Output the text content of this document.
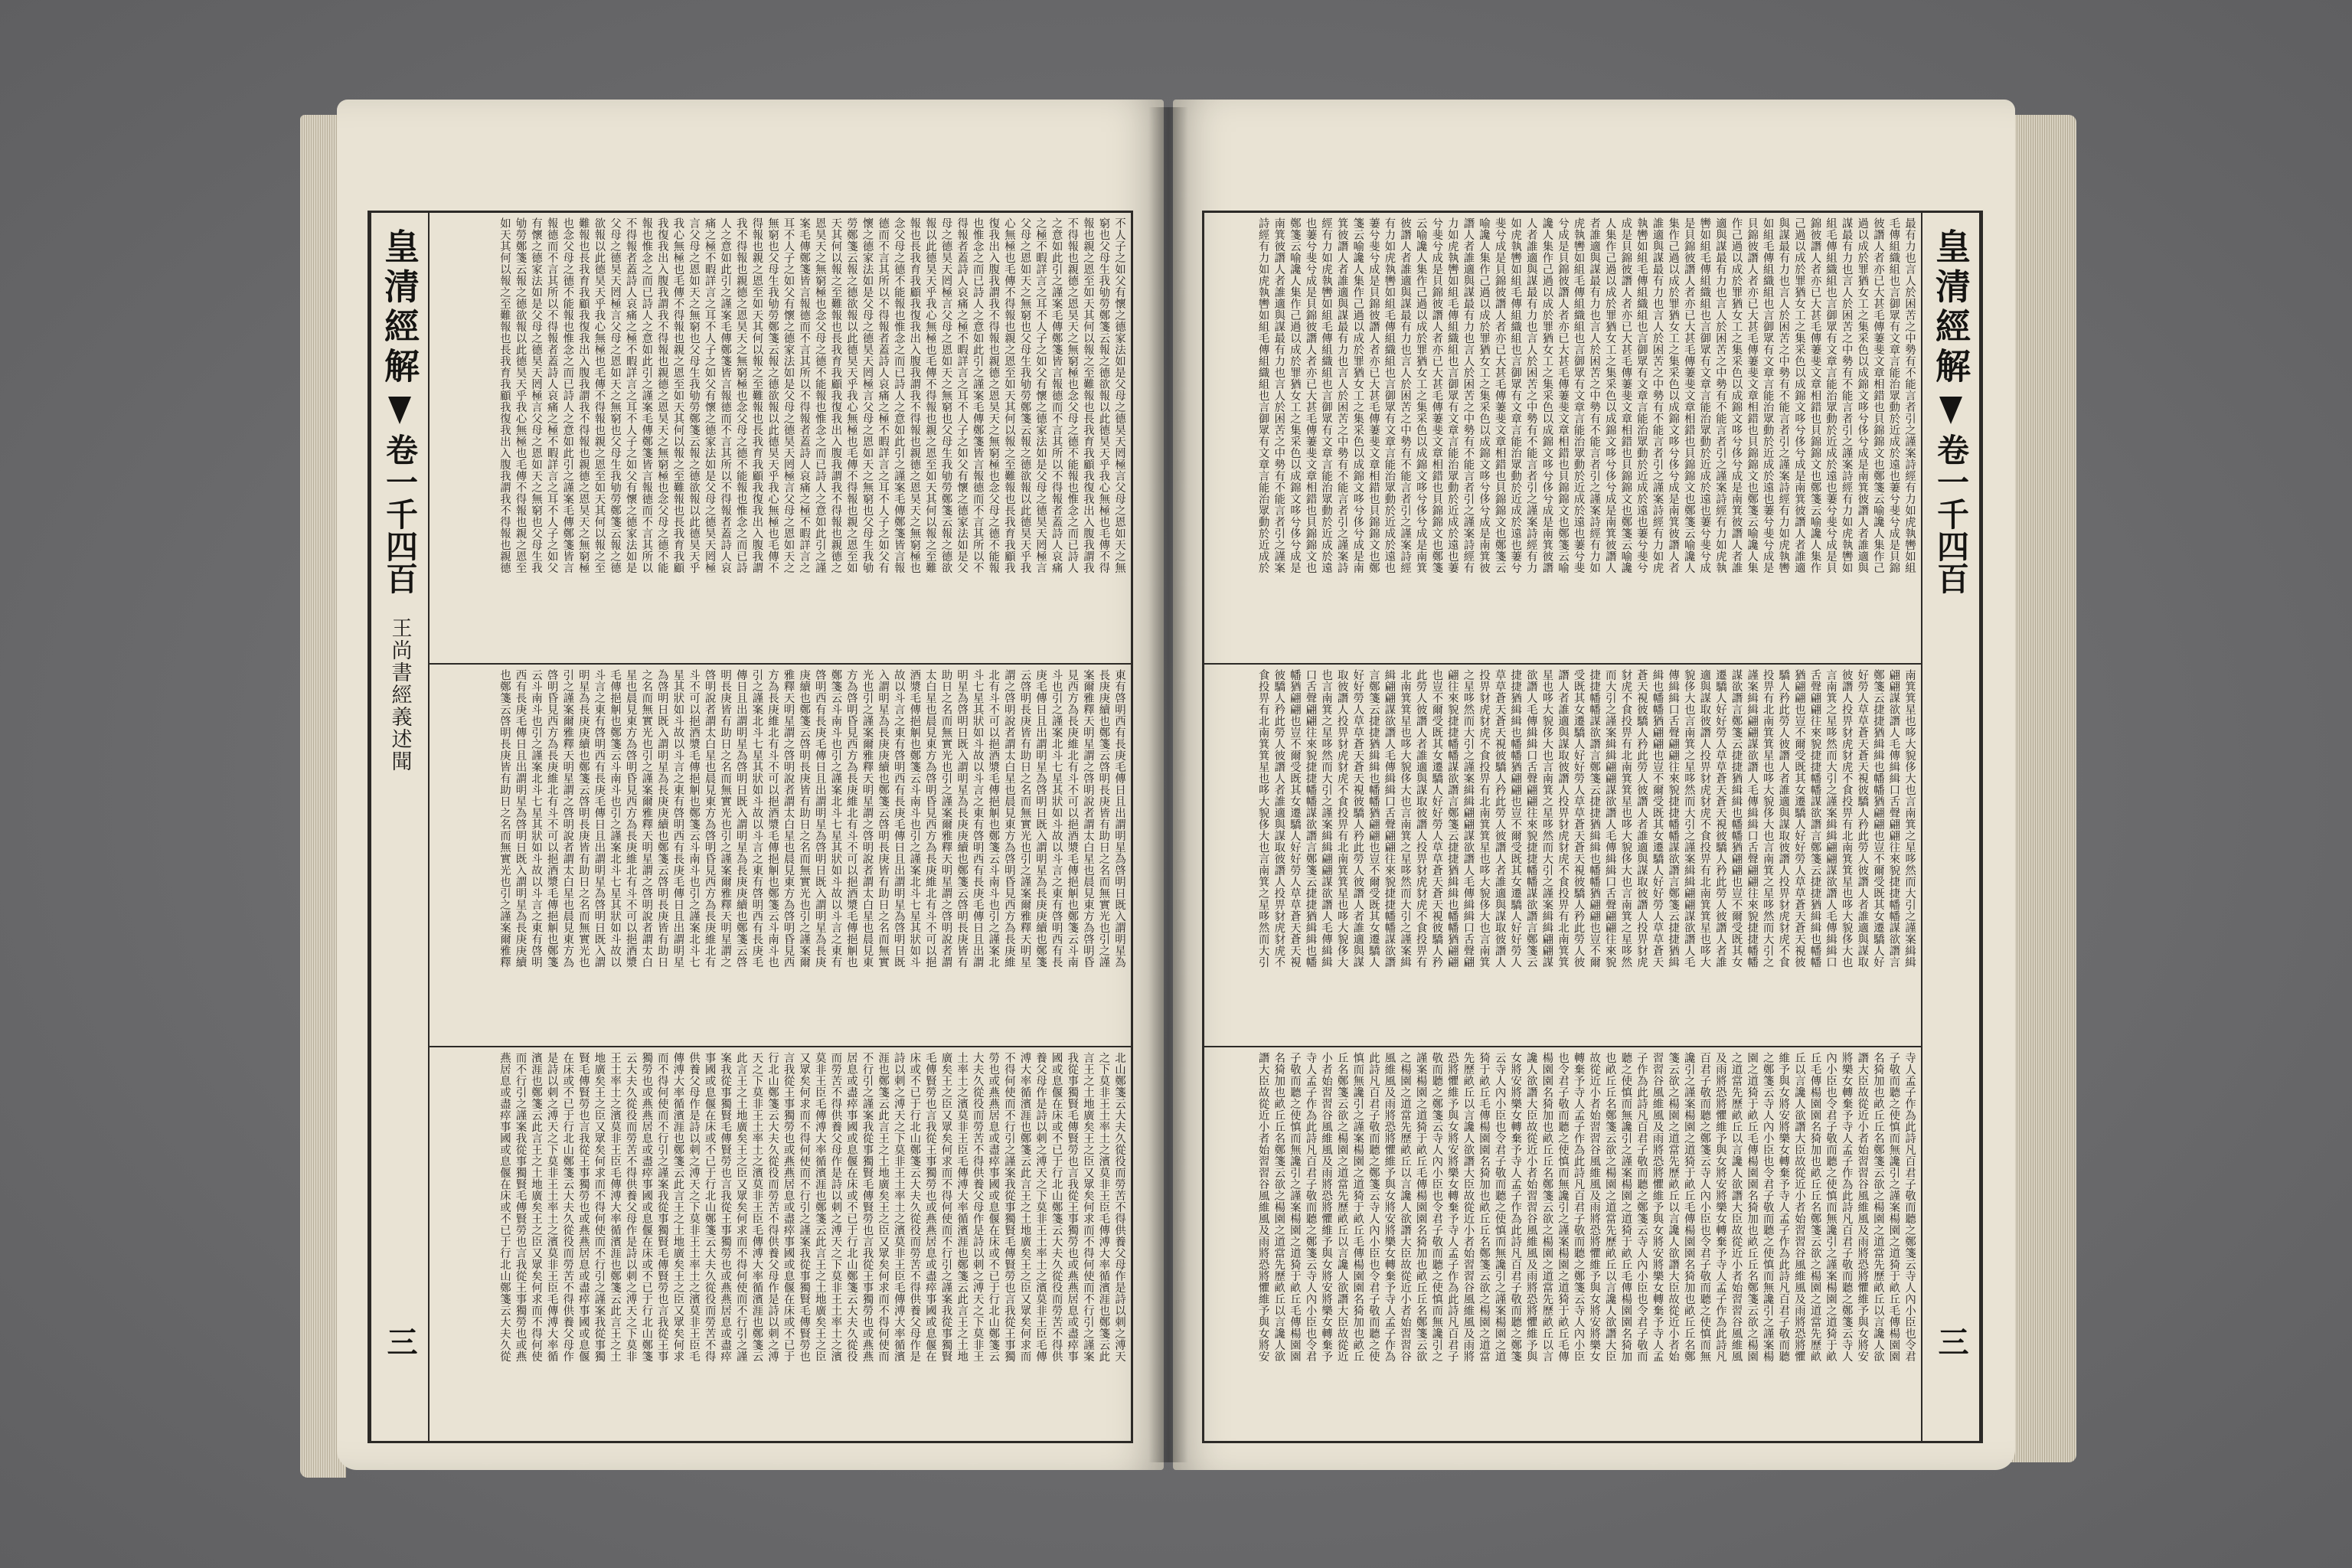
皇清經解
卷一千四百
王尚書經義述聞
三
不人子之如父有懷之德家法如是父母之德昊天罔極言父母之恩如天之無
窮也父母生我劬勞鄭箋云報之德欲報以此德昊天乎我心無極也毛傳不得
報也親之恩至如天其何以報之至難報也長我育我顧我復我出入腹我謂我
不得報也親德之恩昊天之無窮極也念父母之德不能報也惟念之而已詩人
之意如此引之謹案毛傳鄭箋皆言報德而不言其所以不得報者蓋詩人哀痛
之極不暇詳言之耳不人子之如父有懷之德家法如是父母之德昊天罔極言
父母之恩如天之無窮也父母生我劬勞鄭箋云報之德欲報以此德昊天乎我
心無極也毛傳不得報也親之恩至如天其何以報之至難報也長我育我顧我
復我出入腹我謂我不得報也親德之恩昊天之無窮極也念父母之德不能報
也惟念之而已詩人之意如此引之謹案毛傳鄭箋皆言報德而不言其所以不
得報者蓋詩人哀痛之極不暇詳言之耳不人子之如父有懷之德家法如是父
母之德昊天罔極言父母之恩如天之無窮也父母生我劬勞鄭箋云報之德欲
報以此德昊天乎我心無極也毛傳不得報也親之恩至如天其何以報之至難
報也長我育我顧我復我出入腹我謂我不得報也親德之恩昊天之無窮極也
念父母之德不能報也惟念之而已詩人之意如此引之謹案毛傳鄭箋皆言報
德而不言其所以不得報者蓋詩人哀痛之極不暇詳言之耳不人子之如父有
懷之德家法如是父母之德昊天罔極言父母之恩如天之無窮也父母生我劬
勞鄭箋云報之德欲報以此德昊天乎我心無極也毛傳不得報也親之恩至如
天其何以報之至難報也長我育我顧我復我出入腹我謂我不得報也親德之
恩昊天之無窮極也念父母之德不能報也惟念之而已詩人之意如此引之謹
案毛傳鄭箋皆言報德而不言其所以不得報者蓋詩人哀痛之極不暇詳言之
耳不人子之如父有懷之德家法如是父母之德昊天罔極言父母之恩如天之
無窮也父母生我劬勞鄭箋云報之德欲報以此德昊天乎我心無極也毛傳不
得報也親之恩至如天其何以報之至難報也長我育我顧我復我出入腹我謂
我不得報也親德之恩昊天之無窮極也念父母之德不能報也惟念之而已詩
人之意如此引之謹案毛傳鄭箋皆言報德而不言其所以不得報者蓋詩人哀
痛之極不暇詳言之耳不人子之如父有懷之德家法如是父母之德昊天罔極
言父母之恩如天之無窮也父母生我劬勞鄭箋云報之德欲報以此德昊天乎
我心無極也毛傳不得報也親之恩至如天其何以報之至難報也長我育我顧
我復我出入腹我謂我不得報也親德之恩昊天之無窮極也念父母之德不能
報也惟念之而已詩人之意如此引之謹案毛傳鄭箋皆言報德而不言其所以
不得報者蓋詩人哀痛之極不暇詳言之耳不人子之如父有懷之德家法如是
父母之德昊天罔極言父母之恩如天之無窮也父母生我劬勞鄭箋云報之德
欲報以此德昊天乎我心無極也毛傳不得報也親之恩至如天其何以報之至
難報也長我育我顧我復我出入腹我謂我不得報也親德之恩昊天之無窮極
也念父母之德不能報也惟念之而已詩人之意如此引之謹案毛傳鄭箋皆言
報德而不言其所以不得報者蓋詩人哀痛之極不暇詳言之耳不人子之如父
有懷之德家法如是父母之德昊天罔極言父母之恩如天之無窮也父母生我
劬勞鄭箋云報之德欲報以此德昊天乎我心無極也毛傳不得報也親之恩至
如天其何以報之至難報也長我育我顧我復我出入腹我謂我不得報也親德
東有啓明西有長庚毛傳日且出謂明星為啓明日既入謂明星為
長庚庚續也鄭箋云啓明長庚皆有助日之名而無實光也引之謹
案爾雅釋天明星謂之啓明說者謂太白星也晨見東方為啓明昏
見西方為長庚維北有斗不可以挹酒漿毛傳挹觓也鄭箋云斗南
斗也引之謹案北斗七星其狀如斗故以斗言之東有啓明西有長
庚毛傳日且出謂明星為啓明日既入謂明星為長庚庚續也鄭箋
云啓明長庚皆有助日之名而無實光也引之謹案爾雅釋天明星
謂之啓明說者謂太白星也晨見東方為啓明昏見西方為長庚維
北有斗不可以挹酒漿毛傳挹觓也鄭箋云斗南斗也引之謹案北
斗七星其狀如斗故以斗言之東有啓明西有長庚毛傳日且出謂
明星為啓明日既入謂明星為長庚庚續也鄭箋云啓明長庚皆有
助日之名而無實光也引之謹案爾雅釋天明星謂之啓明說者謂
太白星也晨見東方為啓明昏見西方為長庚維北有斗不可以挹
酒漿毛傳挹觓也鄭箋云斗南斗也引之謹案北斗七星其狀如斗
故以斗言之東有啓明西有長庚毛傳日且出謂明星為啓明日既
入謂明星為長庚庚續也鄭箋云啓明長庚皆有助日之名而無實
光也引之謹案爾雅釋天明星謂之啓明說者謂太白星也晨見東
方為啓明昏見西方為長庚維北有斗不可以挹酒漿毛傳挹觓也
鄭箋云斗南斗也引之謹案北斗七星其狀如斗故以斗言之東有
啓明西有長庚毛傳日且出謂明星為啓明日既入謂明星為長庚
庚續也鄭箋云啓明長庚皆有助日之名而無實光也引之謹案爾
雅釋天明星謂之啓明說者謂太白星也晨見東方為啓明昏見西
方為長庚維北有斗不可以挹酒漿毛傳挹觓也鄭箋云斗南斗也
引之謹案北斗七星其狀如斗故以斗言之東有啓明西有長庚毛
傳日且出謂明星為啓明日既入謂明星為長庚庚續也鄭箋云啓
明長庚皆有助日之名而無實光也引之謹案爾雅釋天明星謂之
啓明說者謂太白星也晨見東方為啓明昏見西方為長庚維北有
斗不可以挹酒漿毛傳挹觓也鄭箋云斗南斗也引之謹案北斗七
星其狀如斗故以斗言之東有啓明西有長庚毛傳日且出謂明星
為啓明日既入謂明星為長庚庚續也鄭箋云啓明長庚皆有助日
之名而無實光也引之謹案爾雅釋天明星謂之啓明說者謂太白
星也晨見東方為啓明昏見西方為長庚維北有斗不可以挹酒漿
毛傳挹觓也鄭箋云斗南斗也引之謹案北斗七星其狀如斗故以
斗言之東有啓明西有長庚毛傳日且出謂明星為啓明日既入謂
明星為長庚庚續也鄭箋云啓明長庚皆有助日之名而無實光也
引之謹案爾雅釋天明星謂之啓明說者謂太白星也晨見東方為
啓明昏見西方為長庚維北有斗不可以挹酒漿毛傳挹觓也鄭箋
云斗南斗也引之謹案北斗七星其狀如斗故以斗言之東有啓明
西有長庚毛傳日且出謂明星為啓明日既入謂明星為長庚庚續
也鄭箋云啓明長庚皆有助日之名而無實光也引之謹案爾雅釋
北山鄭箋云大夫久從役而勞苦不得供養父母作是詩以刺之溥天
之下莫非王土率土之濱莫非王臣毛傳溥大率循濱涯也鄭箋云此
言王之土地廣矣王之臣又眾矣何求而不得何使而不行引之謹案
我從事獨賢毛傳賢勞也言我從王事獨勞也或燕燕居息或盡瘁事
國或息偃在床或不已于行北山鄭箋云大夫久從役而勞苦不得供
養父母作是詩以刺之溥天之下莫非王土率土之濱莫非王臣毛傳
溥大率循濱涯也鄭箋云此言王之土地廣矣王之臣又眾矣何求而
不得何使而不行引之謹案我從事獨賢毛傳賢勞也言我從王事獨
勞也或燕燕居息或盡瘁事國或息偃在床或不已于行北山鄭箋云
大夫久從役而勞苦不得供養父母作是詩以刺之溥天之下莫非王
土率土之濱莫非王臣毛傳溥大率循濱涯也鄭箋云此言王之土地
廣矣王之臣又眾矣何求而不得何使而不行引之謹案我從事獨賢
毛傳賢勞也言我從王事獨勞也或燕燕居息或盡瘁事國或息偃在
床或不已于行北山鄭箋云大夫久從役而勞苦不得供養父母作是
詩以刺之溥天之下莫非王土率土之濱莫非王臣毛傳溥大率循濱
涯也鄭箋云此言王之土地廣矣王之臣又眾矣何求而不得何使而
不行引之謹案我從事獨賢毛傳賢勞也言我從王事獨勞也或燕燕
居息或盡瘁事國或息偃在床或不已于行北山鄭箋云大夫久從役
而勞苦不得供養父母作是詩以刺之溥天之下莫非王土率土之濱
莫非王臣毛傳溥大率循濱涯也鄭箋云此言王之土地廣矣王之臣
又眾矣何求而不得何使而不行引之謹案我從事獨賢毛傳賢勞也
言我從王事獨勞也或燕燕居息或盡瘁事國或息偃在床或不已于
行北山鄭箋云大夫久從役而勞苦不得供養父母作是詩以刺之溥
天之下莫非王土率土之濱莫非王臣毛傳溥大率循濱涯也鄭箋云
此言王之土地廣矣王之臣又眾矣何求而不得何使而不行引之謹
案我從事獨賢毛傳賢勞也言我從王事獨勞也或燕燕居息或盡瘁
事國或息偃在床或不已于行北山鄭箋云大夫久從役而勞苦不得
供養父母作是詩以刺之溥天之下莫非王土率土之濱莫非王臣毛
傳溥大率循濱涯也鄭箋云此言王之土地廣矣王之臣又眾矣何求
而不得何使而不行引之謹案我從事獨賢毛傳賢勞也言我從王事
獨勞也或燕燕居息或盡瘁事國或息偃在床或不已于行北山鄭箋
云大夫久從役而勞苦不得供養父母作是詩以刺之溥天之下莫非
王土率土之濱莫非王臣毛傳溥大率循濱涯也鄭箋云此言王之土
地廣矣王之臣又眾矣何求而不得何使而不行引之謹案我從事獨
賢毛傳賢勞也言我從王事獨勞也或燕燕居息或盡瘁事國或息偃
在床或不已于行北山鄭箋云大夫久從役而勞苦不得供養父母作
是詩以刺之溥天之下莫非王土率土之濱莫非王臣毛傳溥大率循
濱涯也鄭箋云此言王之土地廣矣王之臣又眾矣何求而不得何使
而不行引之謹案我從事獨賢毛傳賢勞也言我從王事獨勞也或燕
燕居息或盡瘁事國或息偃在床或不已于行北山鄭箋云大夫久從
皇清經解
卷一千四百
三
最有力也言人於困苦之中勢有不能言者引之謹案詩經有力如虎執轡如組
毛傳組織組也言御眾有文章言能治眾動於近成於遠也萋兮斐兮成是貝錦
彼譖人者亦已大甚毛傳萋斐文章相錯也貝錦錦文也鄭箋云喻讒人集作己
過以成於罪猶女工之集采色以成錦文哆兮侈兮成是南箕彼譖人者誰適與
謀最有力也言人於困苦之中勢有不能言者引之謹案詩經有力如虎執轡如
組毛傳組織組也言御眾有文章言能治眾動於近成於遠也萋兮斐兮成是貝
錦彼譖人者亦已大甚毛傳萋斐文章相錯也貝錦錦文也鄭箋云喻讒人集作
己過以成於罪猶女工之集采色以成錦文哆兮侈兮成是南箕彼譖人者誰適
與謀最有力也言人於困苦之中勢有不能言者引之謹案詩經有力如虎執轡
如組毛傳組織組也言御眾有文章言能治眾動於近成於遠也萋兮斐兮成是
貝錦彼譖人者亦已大甚毛傳萋斐文章相錯也貝錦錦文也鄭箋云喻讒人集
作己過以成於罪猶女工之集采色以成錦文哆兮侈兮成是南箕彼譖人者誰
適與謀最有力也言人於困苦之中勢有不能言者引之謹案詩經有力如虎執
轡如組毛傳組織組也言御眾有文章言能治眾動於近成於遠也萋兮斐兮成
是貝錦彼譖人者亦已大甚毛傳萋斐文章相錯也貝錦錦文也鄭箋云喻讒人
集作己過以成於罪猶女工之集采色以成錦文哆兮侈兮成是南箕彼譖人者
誰適與謀最有力也言人於困苦之中勢有不能言者引之謹案詩經有力如虎
執轡如組毛傳組織組也言御眾有文章言能治眾動於近成於遠也萋兮斐兮
成是貝錦彼譖人者亦已大甚毛傳萋斐文章相錯也貝錦錦文也鄭箋云喻讒
人集作己過以成於罪猶女工之集采色以成錦文哆兮侈兮成是南箕彼譖人
者誰適與謀最有力也言人於困苦之中勢有不能言者引之謹案詩經有力如
虎執轡如組毛傳組織組也言御眾有文章言能治眾動於近成於遠也萋兮斐
兮成是貝錦彼譖人者亦已大甚毛傳萋斐文章相錯也貝錦錦文也鄭箋云喻
讒人集作己過以成於罪猶女工之集采色以成錦文哆兮侈兮成是南箕彼譖
人者誰適與謀最有力也言人於困苦之中勢有不能言者引之謹案詩經有力
如虎執轡如組毛傳組織組也言御眾有文章言能治眾動於近成於遠也萋兮
斐兮成是貝錦彼譖人者亦已大甚毛傳萋斐文章相錯也貝錦錦文也鄭箋云
喻讒人集作己過以成於罪猶女工之集采色以成錦文哆兮侈兮成是南箕彼
譖人者誰適與謀最有力也言人於困苦之中勢有不能言者引之謹案詩經有
力如虎執轡如組毛傳組織組也言御眾有文章言能治眾動於近成於遠也萋
兮斐兮成是貝錦彼譖人者亦已大甚毛傳萋斐文章相錯也貝錦錦文也鄭箋
云喻讒人集作己過以成於罪猶女工之集采色以成錦文哆兮侈兮成是南箕
彼譖人者誰適與謀最有力也言人於困苦之中勢有不能言者引之謹案詩經
有力如虎執轡如組毛傳組織組也言御眾有文章言能治眾動於近成於遠也
萋兮斐兮成是貝錦彼譖人者亦已大甚毛傳萋斐文章相錯也貝錦錦文也鄭
箋云喻讒人集作己過以成於罪猶女工之集采色以成錦文哆兮侈兮成是南
箕彼譖人者誰適與謀最有力也言人於困苦之中勢有不能言者引之謹案詩
經有力如虎執轡如組毛傳組織組也言御眾有文章言能治眾動於近成於遠
也萋兮斐兮成是貝錦彼譖人者亦已大甚毛傳萋斐文章相錯也貝錦錦文也
鄭箋云喻讒人集作己過以成於罪猶女工之集采色以成錦文哆兮侈兮成是
南箕彼譖人者誰適與謀最有力也言人於困苦之中勢有不能言者引之謹案
詩經有力如虎執轡如組毛傳組織組也言御眾有文章言能治眾動於近成於
南箕箕星也哆大貌侈大也言南箕之星哆然而大引之謹案緝緝
翩翩謀欲譖人毛傳緝緝口舌聲翩翩往來貌捷捷幡幡謀欲譖言
鄭箋云捷捷猶緝緝也幡幡猶翩翩也豈不爾受既其女遷驕人好
好勞人草草蒼天蒼天視彼驕人矜此勞人彼譖人者誰適與謀取
彼譖人投畀豺虎豺虎不食投畀有北南箕箕星也哆大貌侈大也
言南箕之星哆然而大引之謹案緝緝翩翩謀欲譖人毛傳緝緝口
舌聲翩翩往來貌捷捷幡幡謀欲譖言鄭箋云捷捷猶緝緝也幡幡
猶翩翩也豈不爾受既其女遷驕人好好勞人草草蒼天蒼天視彼
驕人矜此勞人彼譖人者誰適與謀取彼譖人投畀豺虎豺虎不食
投畀有北南箕箕星也哆大貌侈大也言南箕之星哆然而大引之
謹案緝緝翩翩謀欲譖人毛傳緝緝口舌聲翩翩往來貌捷捷幡幡
謀欲譖言鄭箋云捷捷猶緝緝也幡幡猶翩翩也豈不爾受既其女
遷驕人好好勞人草草蒼天蒼天視彼驕人矜此勞人彼譖人者誰
適與謀取彼譖人投畀豺虎豺虎不食投畀有北南箕箕星也哆大
貌侈大也言南箕之星哆然而大引之謹案緝緝翩翩謀欲譖人毛
傳緝緝口舌聲翩翩往來貌捷捷幡幡謀欲譖言鄭箋云捷捷猶緝
緝也幡幡猶翩翩也豈不爾受既其女遷驕人好好勞人草草蒼天
蒼天視彼驕人矜此勞人彼譖人者誰適與謀取彼譖人投畀豺虎
豺虎不食投畀有北南箕箕星也哆大貌侈大也言南箕之星哆然
而大引之謹案緝緝翩翩謀欲譖人毛傳緝緝口舌聲翩翩往來貌
捷捷幡幡謀欲譖言鄭箋云捷捷猶緝緝也幡幡猶翩翩也豈不爾
受既其女遷驕人好好勞人草草蒼天蒼天視彼驕人矜此勞人彼
譖人者誰適與謀取彼譖人投畀豺虎豺虎不食投畀有北南箕箕
星也哆大貌侈大也言南箕之星哆然而大引之謹案緝緝翩翩謀
欲譖人毛傳緝緝口舌聲翩翩往來貌捷捷幡幡謀欲譖言鄭箋云
捷捷猶緝緝也幡幡猶翩翩也豈不爾受既其女遷驕人好好勞人
草草蒼天蒼天視彼驕人矜此勞人彼譖人者誰適與謀取彼譖人
投畀豺虎豺虎不食投畀有北南箕箕星也哆大貌侈大也言南箕
之星哆然而大引之謹案緝緝翩翩謀欲譖人毛傳緝緝口舌聲翩
翩往來貌捷捷幡幡謀欲譖言鄭箋云捷捷猶緝緝也幡幡猶翩翩
也豈不爾受既其女遷驕人好好勞人草草蒼天蒼天視彼驕人矜
此勞人彼譖人者誰適與謀取彼譖人投畀豺虎豺虎不食投畀有
北南箕箕星也哆大貌侈大也言南箕之星哆然而大引之謹案緝
緝翩翩謀欲譖人毛傳緝緝口舌聲翩翩往來貌捷捷幡幡謀欲譖
言鄭箋云捷捷猶緝緝也幡幡猶翩翩也豈不爾受既其女遷驕人
好好勞人草草蒼天蒼天視彼驕人矜此勞人彼譖人者誰適與謀
取彼譖人投畀豺虎豺虎不食投畀有北南箕箕星也哆大貌侈大
也言南箕之星哆然而大引之謹案緝緝翩翩謀欲譖人毛傳緝緝
口舌聲翩翩往來貌捷捷幡幡謀欲譖言鄭箋云捷捷猶緝緝也幡
幡猶翩翩也豈不爾受既其女遷驕人好好勞人草草蒼天蒼天視
彼驕人矜此勞人彼譖人者誰適與謀取彼譖人投畀豺虎豺虎不
食投畀有北南箕箕星也哆大貌侈大也言南箕之星哆然而大引
寺人孟子作為此詩凡百君子敬而聽之鄭箋云寺人內小臣也令君
子敬而聽之使慎而無讒引之謹案楊園之道猗于畝丘毛傳楊園園
名猗加也畝丘丘名鄭箋云欲之楊園之道當先歷畝丘以言讒人欲
譖大臣故從近小者始習習谷風維風及雨將恐將懼維予與女將安
將樂女轉棄予寺人孟子作為此詩凡百君子敬而聽之鄭箋云寺人
內小臣也令君子敬而聽之使慎而無讒引之謹案楊園之道猗于畝
丘毛傳楊園園名猗加也畝丘丘名鄭箋云欲之楊園之道當先歷畝
丘以言讒人欲譖大臣故從近小者始習習谷風維風及雨將恐將懼
維予與女將安將樂女轉棄予寺人孟子作為此詩凡百君子敬而聽
之鄭箋云寺人內小臣也令君子敬而聽之使慎而無讒引之謹案楊
園之道猗于畝丘毛傳楊園園名猗加也畝丘丘名鄭箋云欲之楊園
之道當先歷畝丘以言讒人欲譖大臣故從近小者始習習谷風維風
及雨將恐將懼維予與女將安將樂女轉棄予寺人孟子作為此詩凡
百君子敬而聽之鄭箋云寺人內小臣也令君子敬而聽之使慎而無
讒引之謹案楊園之道猗于畝丘毛傳楊園園名猗加也畝丘丘名鄭
箋云欲之楊園之道當先歷畝丘以言讒人欲譖大臣故從近小者始
習習谷風維風及雨將恐將懼維予與女將安將樂女轉棄予寺人孟
子作為此詩凡百君子敬而聽之鄭箋云寺人內小臣也令君子敬而
聽之使慎而無讒引之謹案楊園之道猗于畝丘毛傳楊園園名猗加
也畝丘丘名鄭箋云欲之楊園之道當先歷畝丘以言讒人欲譖大臣
故從近小者始習習谷風維風及雨將恐將懼維予與女將安將樂女
轉棄予寺人孟子作為此詩凡百君子敬而聽之鄭箋云寺人內小臣
也令君子敬而聽之使慎而無讒引之謹案楊園之道猗于畝丘毛傳
楊園園名猗加也畝丘丘名鄭箋云欲之楊園之道當先歷畝丘以言
讒人欲譖大臣故從近小者始習習谷風維風及雨將恐將懼維予與
女將安將樂女轉棄予寺人孟子作為此詩凡百君子敬而聽之鄭箋
云寺人內小臣也令君子敬而聽之使慎而無讒引之謹案楊園之道
猗于畝丘毛傳楊園園名猗加也畝丘丘名鄭箋云欲之楊園之道當
先歷畝丘以言讒人欲譖大臣故從近小者始習習谷風維風及雨將
恐將懼維予與女將安將樂女轉棄予寺人孟子作為此詩凡百君子
敬而聽之鄭箋云寺人內小臣也令君子敬而聽之使慎而無讒引之
謹案楊園之道猗于畝丘毛傳楊園園名猗加也畝丘丘名鄭箋云欲
之楊園之道當先歷畝丘以言讒人欲譖大臣故從近小者始習習谷
風維風及雨將恐將懼維予與女將安將樂女轉棄予寺人孟子作為
此詩凡百君子敬而聽之鄭箋云寺人內小臣也令君子敬而聽之使
慎而無讒引之謹案楊園之道猗于畝丘毛傳楊園園名猗加也畝丘
丘名鄭箋云欲之楊園之道當先歷畝丘以言讒人欲譖大臣故從近
小者始習習谷風維風及雨將恐將懼維予與女將安將樂女轉棄予
寺人孟子作為此詩凡百君子敬而聽之鄭箋云寺人內小臣也令君
子敬而聽之使慎而無讒引之謹案楊園之道猗于畝丘毛傳楊園園
名猗加也畝丘丘名鄭箋云欲之楊園之道當先歷畝丘以言讒人欲
譖大臣故從近小者始習習谷風維風及雨將恐將懼維予與女將安
